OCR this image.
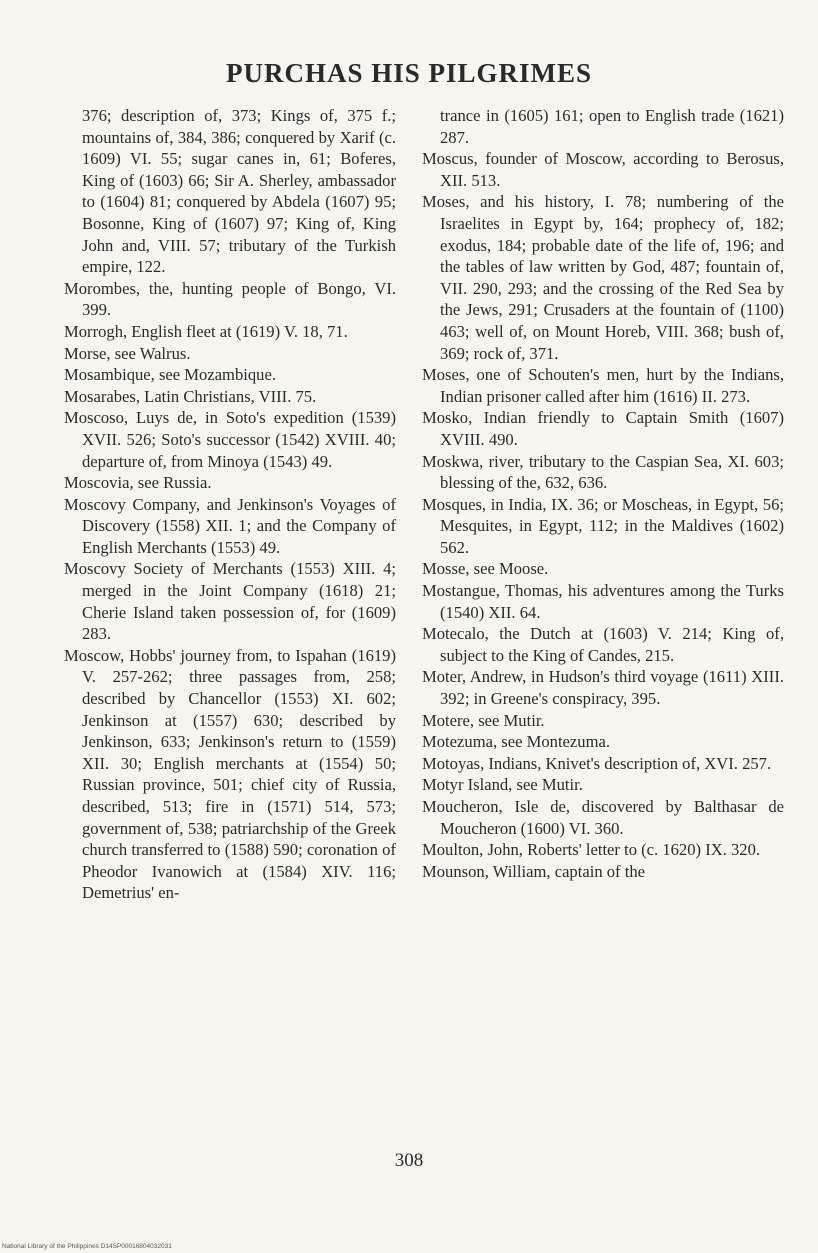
PURCHAS HIS PILGRIMES

376; description of, 373; Kings of, 375 f.; mountains of, 384, 386; conquered by Xarif (c. 1609) VI. 55; sugar canes in, 61; Boferes, King of (1603) 66; Sir A. Sherley, ambassador to (1604) 81; conquered by Abdela (1607) 95; Bosonne, King of (1607) 97; King of, King John and, VIII. 57; tributary of the Turkish empire, 122.

Morombes, the, hunting people of Bongo, VI. 399.

Morrogh, English fleet at (1619) V. 18, 71.

Morse, see Walrus.

Mosambique, see Mozambique.

Mosarabes, Latin Christians, VIII. 75.

Moscoso, Luys de, in Soto's expedition (1539) XVII. 526; Soto's successor (1542) XVIII. 40; departure of, from Minoya (1543) 49.

Moscovia, see Russia.

Moscovy Company, and Jenkinson's Voyages of Discovery (1558) XII. 1; and the Company of English Merchants (1553) 49.

Moscovy Society of Merchants (1553) XIII. 4; merged in the Joint Company (1618) 21; Cherie Island taken possession of, for (1609) 283.

Moscow, Hobbs' journey from, to Ispahan (1619) V. 257-262; three passages from, 258; described by Chancellor (1553) XI. 602; Jenkinson at (1557) 630; described by Jenkinson, 633; Jenkinson's return to (1559) XII. 30; English merchants at (1554) 50; Russian province, 501; chief city of Russia, described, 513; fire in (1571) 514, 573; government of, 538; patriarchship of the Greek church transferred to (1588) 590; coronation of Pheodor Ivanowich at (1584) XIV. 116; Demetrius' en-

trance in (1605) 161; open to English trade (1621) 287.

Moscus, founder of Moscow, according to Berosus, XII. 513.

Moses, and his history, I. 78; numbering of the Israelites in Egypt by, 164; prophecy of, 182; exodus, 184; probable date of the life of, 196; and the tables of law written by God, 487; fountain of, VII. 290, 293; and the crossing of the Red Sea by the Jews, 291; Crusaders at the fountain of (1100) 463; well of, on Mount Horeb, VIII. 368; bush of, 369; rock of, 371.

Moses, one of Schouten's men, hurt by the Indians, Indian prisoner called after him (1616) II. 273.

Mosko, Indian friendly to Captain Smith (1607) XVIII. 490.

Moskwa, river, tributary to the Caspian Sea, XI. 603; blessing of the, 632, 636.

Mosques, in India, IX. 36; or Moscheas, in Egypt, 56; Mesquites, in Egypt, 112; in the Maldives (1602) 562.

Mosse, see Moose.

Mostangue, Thomas, his adventures among the Turks (1540) XII. 64.

Motecalo, the Dutch at (1603) V. 214; King of, subject to the King of Candes, 215.

Moter, Andrew, in Hudson's third voyage (1611) XIII. 392; in Greene's conspiracy, 395.

Motere, see Mutir.

Motezuma, see Montezuma.

Motoyas, Indians, Knivet's description of, XVI. 257.

Motyr Island, see Mutir.

Moucheron, Isle de, discovered by Balthasar de Moucheron (1600) VI. 360.

Moulton, John, Roberts' letter to (c. 1620) IX. 320.

Mounson, William, captain of the

308
National Library of the Philippines D14SP00016804032031
